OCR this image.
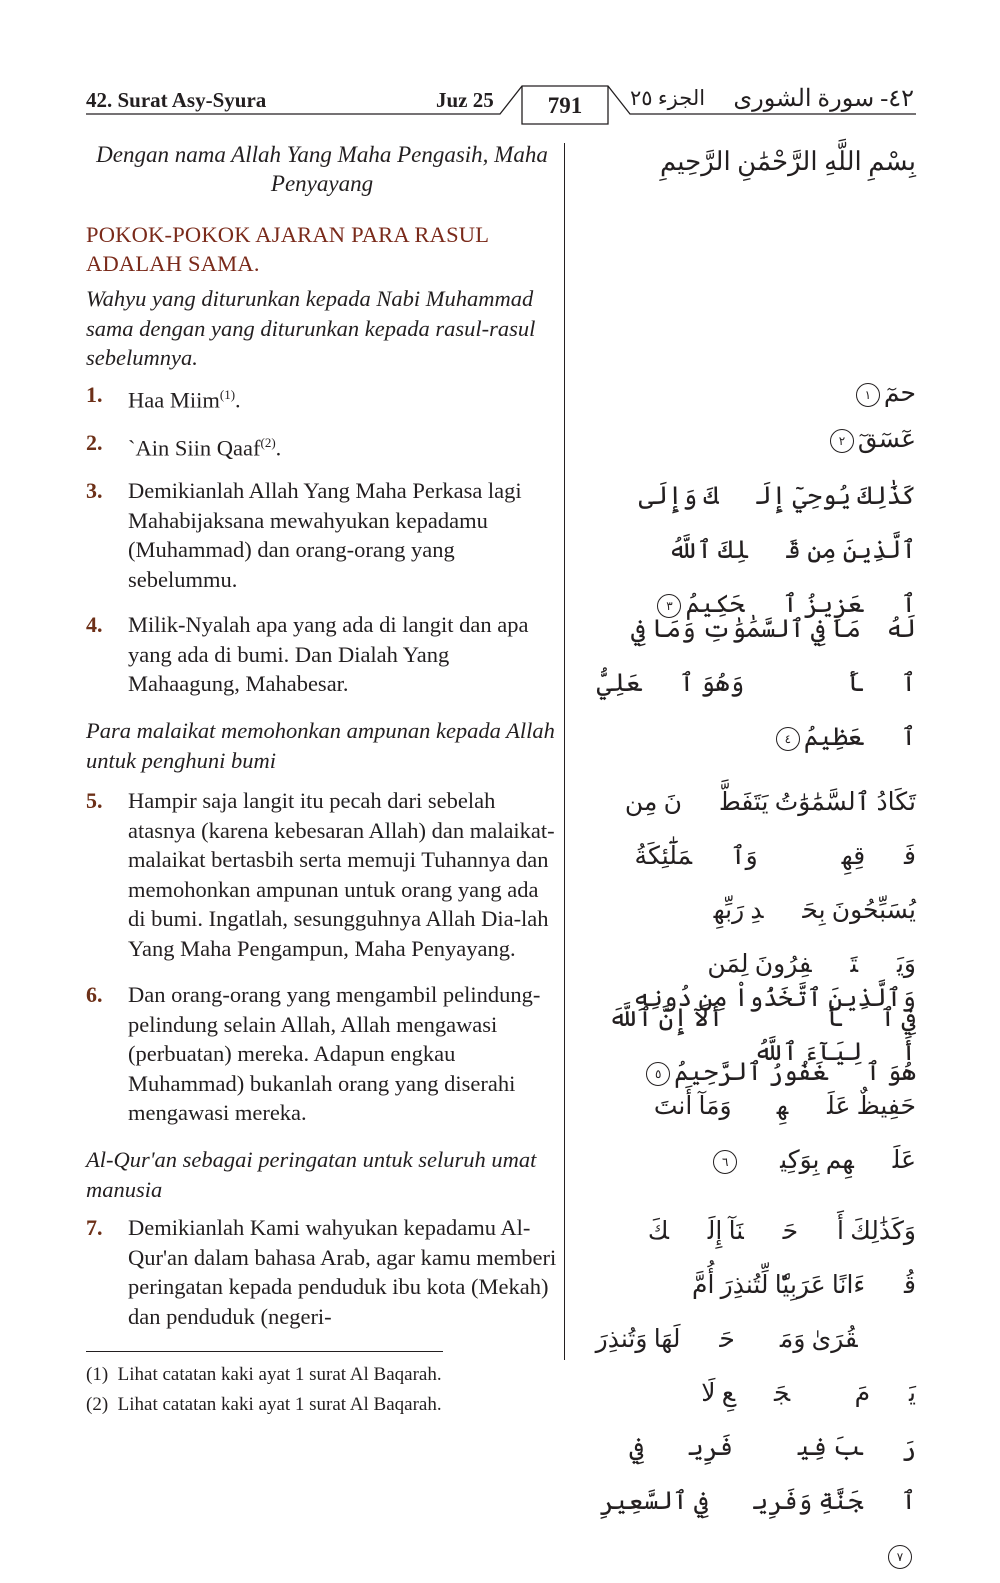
42. Surat Asy-Syura	Juz 25	791	الجزء ٢٥ ٤٢- سورة الشورى
Dengan nama Allah Yang Maha Pengasih, Maha Penyayang
بِسْمِ اللَّهِ الرَّحْمَٰنِ الرَّحِيمِ
POKOK-POKOK AJARAN PARA RASUL ADALAH SAMA.
Wahyu yang diturunkan kepada Nabi Muhammad sama dengan yang diturunkan kepada rasul-rasul sebelumnya.
1.	Haa Miim$^{(1)}$.	حمٓ١
2.	`Ain Siin Qaaf$^{(2)}$.	عٓسٓقٓ٢
3.	Demikianlah Allah Yang Maha Perkasa lagi Mahabijaksana mewahyukan kepadamu (Muhammad) dan orang-orang yang sebelummu.
كَذَٰلِكَ يُوحِيٓ إِلَيۡكَ وَإِلَى ٱلَّذِينَ مِن قَبۡلِكَ ٱللَّهُ
ٱلۡعَزِيزُ ٱلۡحَكِيمُ٣
4.	Milik-Nyalah apa yang ada di langit dan apa yang ada di bumi. Dan Dialah Yang Mahaagung, Mahabesar.
لَهُۥ مَا فِي ٱلسَّمَٰوَٰتِ وَمَا فِي ٱلۡأَرۡضِۖ وَهُوَ ٱلۡعَلِيُّ
ٱلۡعَظِيمُ٤
Para malaikat memohonkan ampunan kepada Allah untuk penghuni bumi
5.	Hampir saja langit itu pecah dari sebelah atasnya (karena kebesaran Allah) dan malaikat-malaikat bertasbih serta memuji Tuhannya dan memohonkan ampunan untuk orang yang ada di bumi. Ingatlah, sesungguhnya Allah Dia-lah Yang Maha Pengampun, Maha Penyayang.
تَكَادُ ٱلسَّمَٰوَٰتُ يَتَفَطَّرۡنَ مِن فَوۡقِهِنَّۚ وَٱلۡمَلَٰٓئِكَةُ
يُسَبِّحُونَ بِحَمۡدِ رَبِّهِمۡ وَيَسۡتَغۡفِرُونَ لِمَن
فِي ٱلۡأَرۡضِۗ أَلَآ إِنَّ ٱللَّهَ هُوَ ٱلۡغَفُورُ ٱلرَّحِيمُ٥
6.	Dan orang-orang yang mengambil pelindung-pelindung selain Allah, Allah mengawasi (perbuatan) mereka. Adapun engkau Muhammad) bukanlah orang yang diserahi mengawasi mereka.
وَٱلَّذِينَ ٱتَّخَذُواْ مِن دُونِهِۦٓ أَوۡلِيَآءَ ٱللَّهُ
حَفِيظٌ عَلَيۡهِمۡ وَمَآ أَنتَ عَلَيۡهِم بِوَكِيلٖ٦
Al-Qur'an sebagai peringatan untuk seluruh umat manusia
7.	Demikianlah Kami wahyukan kepadamu Al-Qur'an dalam bahasa Arab, agar kamu memberi peringatan kepada penduduk ibu kota (Mekah) dan penduduk (negeri-
وَكَذَٰلِكَ أَوۡحَيۡنَآ إِلَيۡكَ قُرۡءَانًا عَرَبِيّٗا لِّتُنذِرَ أُمَّ
ٱلۡقُرَىٰ وَمَنۡ حَوۡلَهَا وَتُنذِرَ يَوۡمَ ٱلۡجَمۡعِ لَا
رَيۡبَ فِيهِۚ فَرِيقٞ فِي ٱلۡجَنَّةِ وَفَرِيقٞ فِي ٱلسَّعِيرِ٧
(1) Lihat catatan kaki ayat 1 surat Al Baqarah.
(2) Lihat catatan kaki ayat 1 surat Al Baqarah.
